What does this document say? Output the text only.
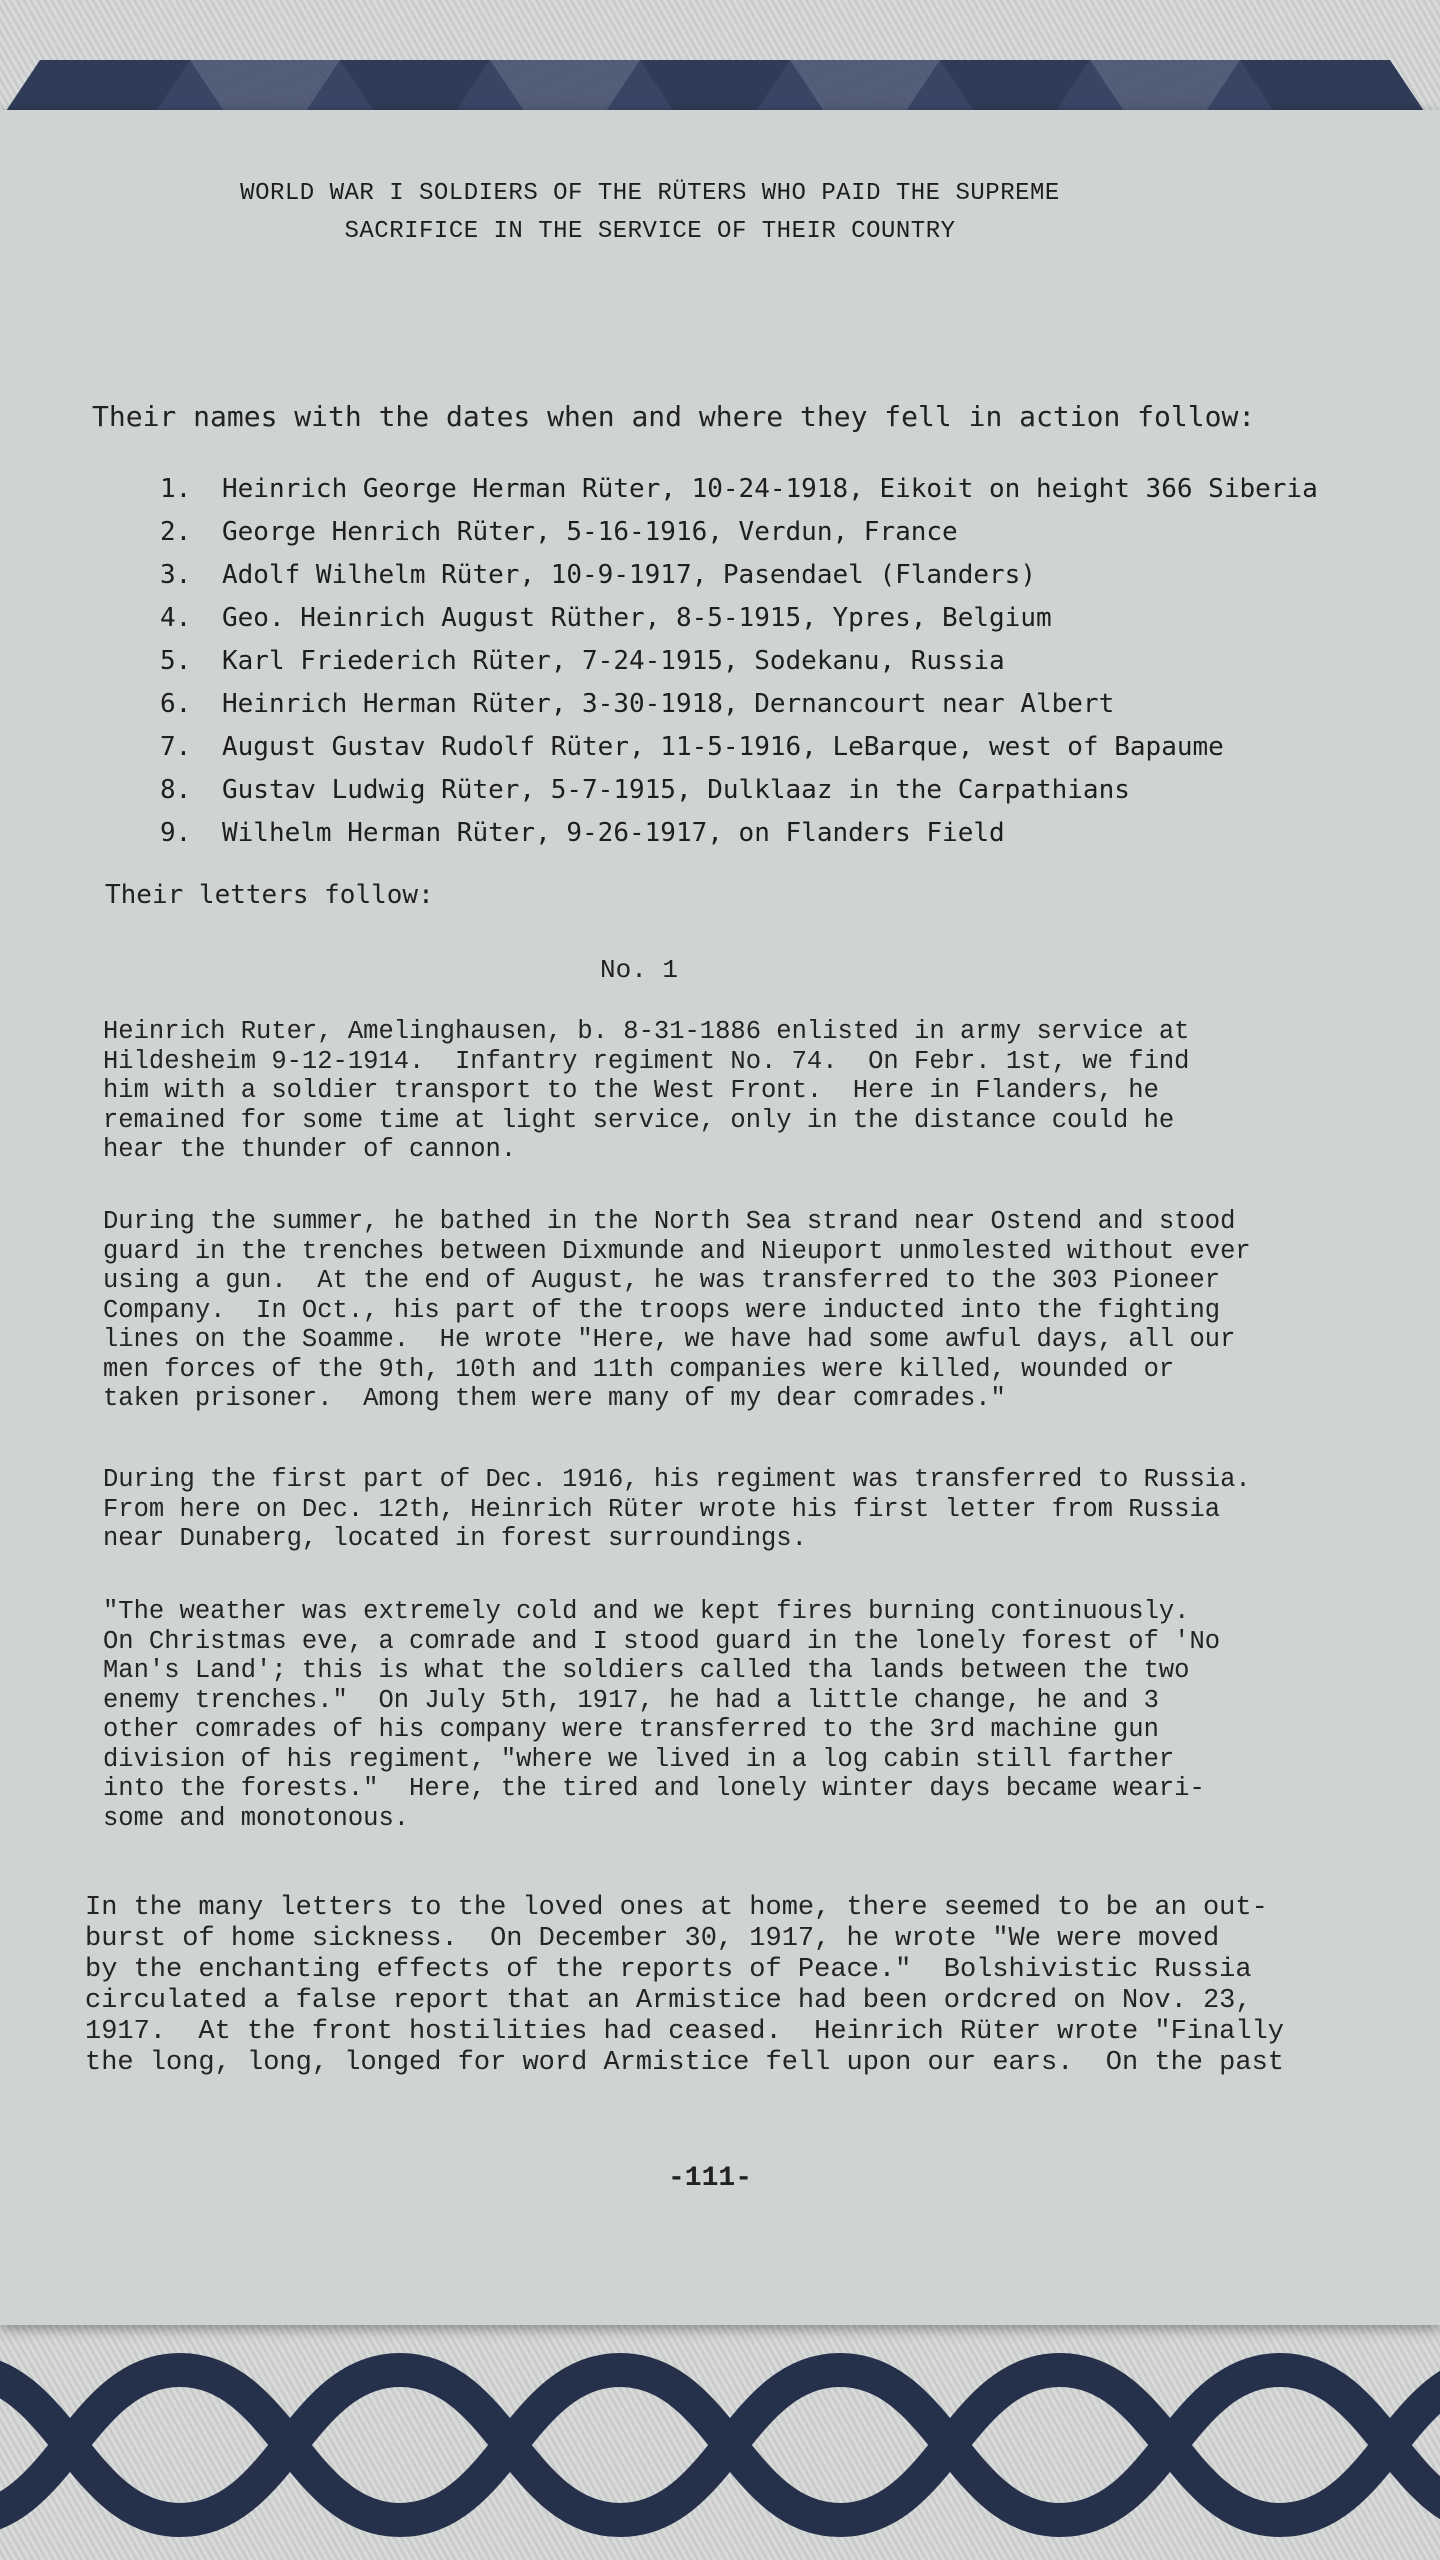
WORLD WAR I SOLDIERS OF THE RÜTERS WHO PAID THE SUPREME
SACRIFICE IN THE SERVICE OF THEIR COUNTRY
Their names with the dates when and where they fell in action follow:
1. Heinrich George Herman Rüter, 10-24-1918, Eikoit on height 366 Siberia
2. George Henrich Rüter, 5-16-1916, Verdun, France
3. Adolf Wilhelm Rüter, 10-9-1917, Pasendael (Flanders)
4. Geo. Heinrich August Rüther, 8-5-1915, Ypres, Belgium
5. Karl Friederich Rüter, 7-24-1915, Sodekanu, Russia
6. Heinrich Herman Rüter, 3-30-1918, Dernancourt near Albert
7. August Gustav Rudolf Rüter, 11-5-1916, LeBarque, west of Bapaume
8. Gustav Ludwig Rüter, 5-7-1915, Dulklaaz in the Carpathians
9. Wilhelm Herman Rüter, 9-26-1917, on Flanders Field
Their letters follow:
No. 1

Heinrich Ruter, Amelinghausen, b. 8-31-1886 enlisted in army service at
Hildesheim 9-12-1914.  Infantry regiment No. 74.  On Febr. 1st, we find
him with a soldier transport to the West Front.  Here in Flanders, he
remained for some time at light service, only in the distance could he
hear the thunder of cannon.

During the summer, he bathed in the North Sea strand near Ostend and stood
guard in the trenches between Dixmunde and Nieuport unmolested without ever
using a gun.  At the end of August, he was transferred to the 303 Pioneer
Company.  In Oct., his part of the troops were inducted into the fighting
lines on the Soamme.  He wrote "Here, we have had some awful days, all our
men forces of the 9th, 10th and 11th companies were killed, wounded or
taken prisoner.  Among them were many of my dear comrades."

During the first part of Dec. 1916, his regiment was transferred to Russia.
From here on Dec. 12th, Heinrich Rüter wrote his first letter from Russia
near Dunaberg, located in forest surroundings.

"The weather was extremely cold and we kept fires burning continuously.
On Christmas eve, a comrade and I stood guard in the lonely forest of 'No
Man's Land'; this is what the soldiers called tha lands between the two
enemy trenches."  On July 5th, 1917, he had a little change, he and 3
other comrades of his company were transferred to the 3rd machine gun
division of his regiment, "where we lived in a log cabin still farther
into the forests."  Here, the tired and lonely winter days became weari-
some and monotonous.

In the many letters to the loved ones at home, there seemed to be an out-
burst of home sickness.  On December 30, 1917, he wrote "We were moved
by the enchanting effects of the reports of Peace."  Bolshivistic Russia
circulated a false report that an Armistice had been ordcred on Nov. 23,
1917.  At the front hostilities had ceased.  Heinrich Rüter wrote "Finally
the long, long, longed for word Armistice fell upon our ears.  On the past

-111-
